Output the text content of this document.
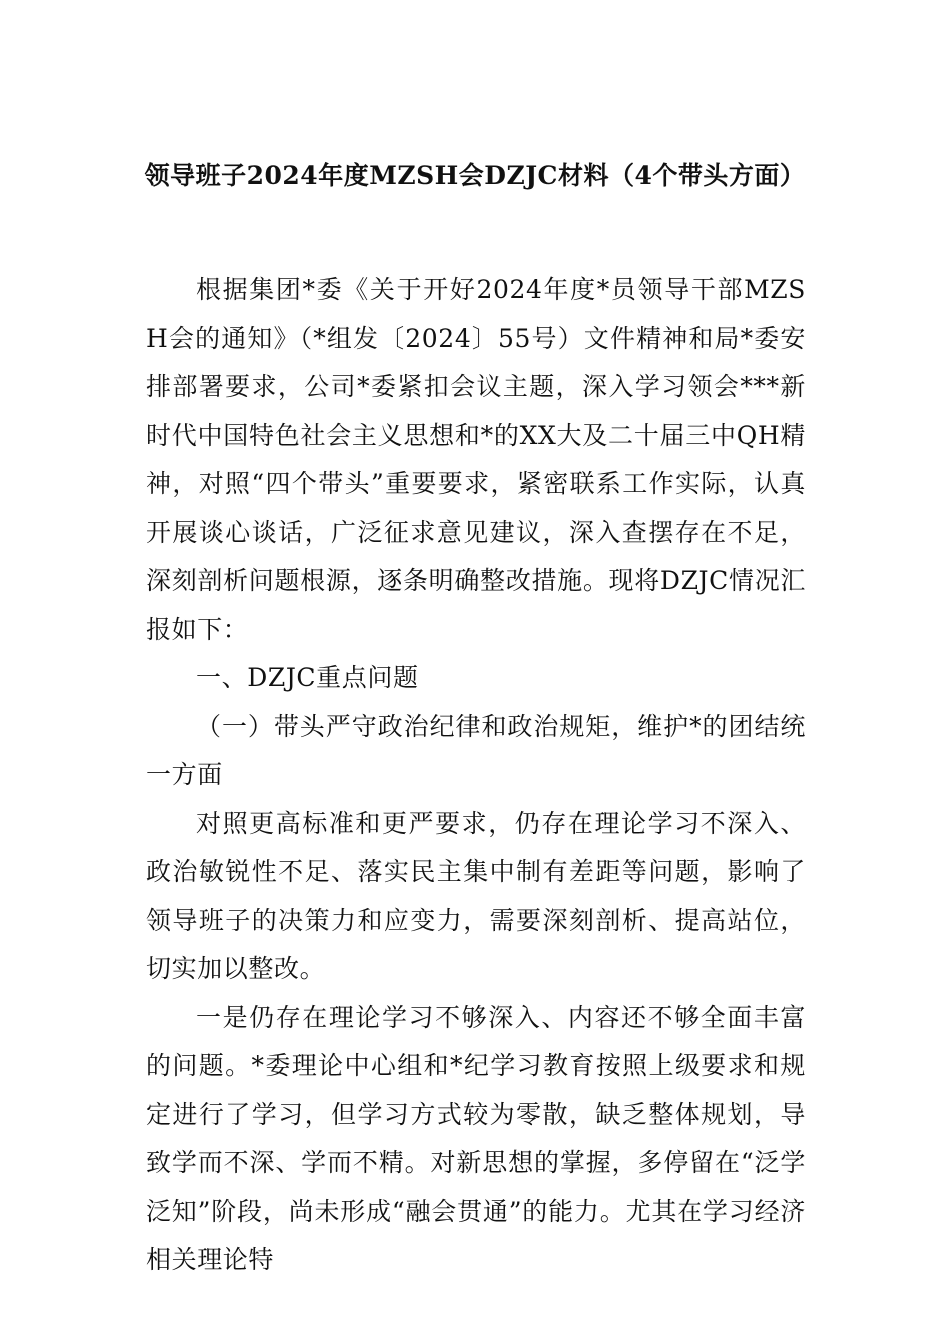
领导班子2024年度MZSH会DZJC材料（4个带头方面）

根据集团*委《关于开好2024年度*员领导干部MZSH会的通知》（*组发〔2024〕55号）文件精神和局*委安排部署要求，公司*委紧扣会议主题，深入学习领会***新时代中国特色社会主义思想和*的XX大及二十届三中QH精神，对照“四个带头”重要要求，紧密联系工作实际，认真开展谈心谈话，广泛征求意见建议，深入查摆存在不足，深刻剖析问题根源，逐条明确整改措施。现将DZJC情况汇报如下：

一、DZJC重点问题

（一）带头严守政治纪律和政治规矩，维护*的团结统一方面

对照更高标准和更严要求，仍存在理论学习不深入、政治敏锐性不足、落实民主集中制有差距等问题，影响了领导班子的决策力和应变力，需要深刻剖析、提高站位，切实加以整改。

一是仍存在理论学习不够深入、内容还不够全面丰富的问题。*委理论中心组和*纪学习教育按照上级要求和规定进行了学习，但学习方式较为零散，缺乏整体规划，导致学而不深、学而不精。对新思想的掌握，多停留在“泛学泛知”阶段，尚未形成“融会贯通”的能力。尤其在学习经济相关理论特
